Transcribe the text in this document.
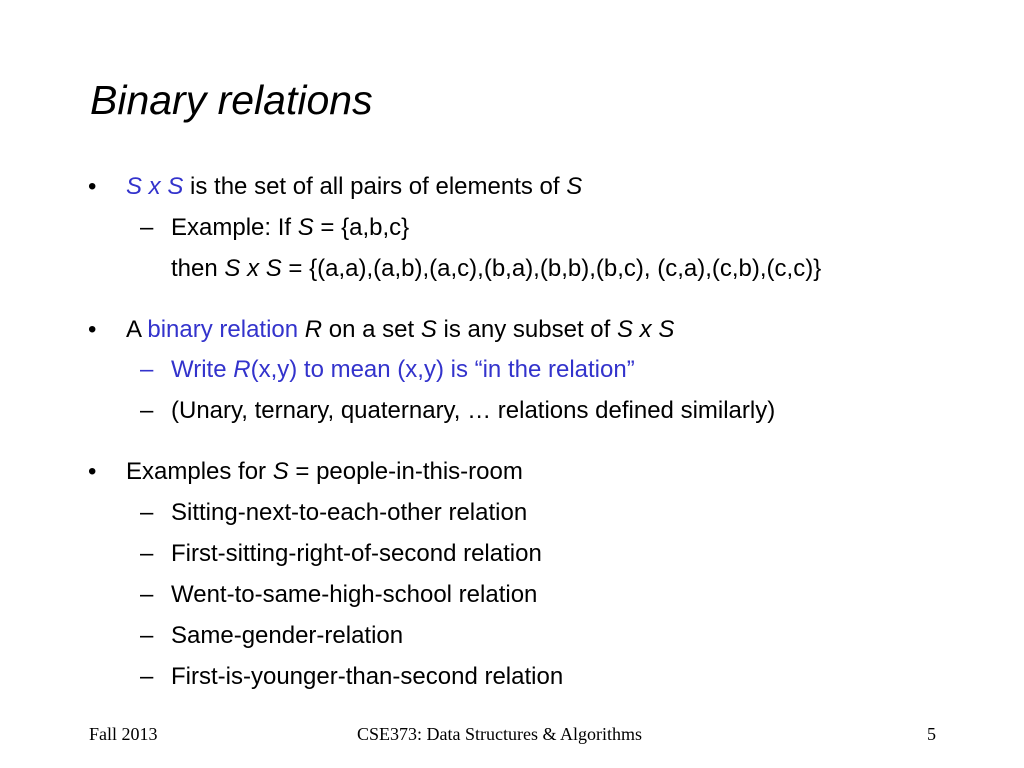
Binary relations
• S x S is the set of all pairs of elements of S
– Example: If S = {a,b,c}
then S x S = {(a,a),(a,b),(a,c),(b,a),(b,b),(b,c), (c,a),(c,b),(c,c)}
• A binary relation R on a set S is any subset of S x S
– Write R(x,y) to mean (x,y) is “in the relation”
– (Unary, ternary, quaternary, … relations defined similarly)
• Examples for S = people-in-this-room
– Sitting-next-to-each-other relation
– First-sitting-right-of-second relation
– Went-to-same-high-school relation
– Same-gender-relation
– First-is-younger-than-second relation
Fall 2013	CSE373: Data Structures & Algorithms	5
